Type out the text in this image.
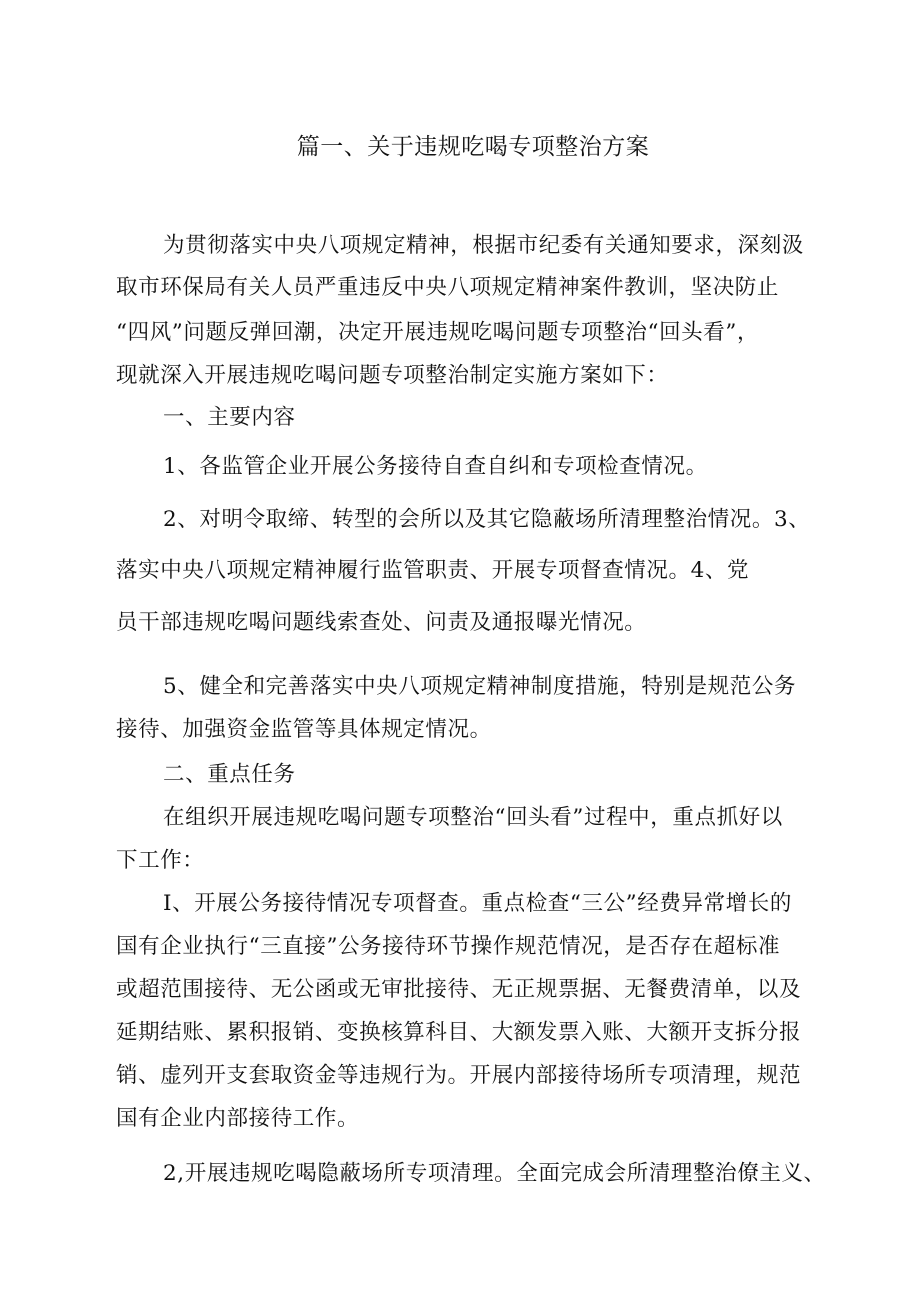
篇一、关于违规吃喝专项整治方案
为贯彻落实中央八项规定精神，根据市纪委有关通知要求，深刻汲
取市环保局有关人员严重违反中央八项规定精神案件教训，坚决防止
“四风”问题反弹回潮，决定开展违规吃喝问题专项整治“回头看”，
现就深入开展违规吃喝问题专项整治制定实施方案如下：
一、主要内容
1、各监管企业开展公务接待自查自纠和专项检查情况。
2、对明令取缔、转型的会所以及其它隐蔽场所清理整治情况。3、
落实中央八项规定精神履行监管职责、开展专项督查情况。4、党
员干部违规吃喝问题线索查处、问责及通报曝光情况。
5、健全和完善落实中央八项规定精神制度措施，特别是规范公务
接待、加强资金监管等具体规定情况。
二、重点任务
在组织开展违规吃喝问题专项整治“回头看”过程中，重点抓好以
下工作：
I、开展公务接待情况专项督查。重点检查“三公”经费异常增长的
国有企业执行“三直接”公务接待环节操作规范情况，是否存在超标准
或超范围接待、无公函或无审批接待、无正规票据、无餐费清单，以及
延期结账、累积报销、变换核算科目、大额发票入账、大额开支拆分报
销、虚列开支套取资金等违规行为。开展内部接待场所专项清理，规范
国有企业内部接待工作。
2,开展违规吃喝隐蔽场所专项清理。全面完成会所清理整治僚主义、
